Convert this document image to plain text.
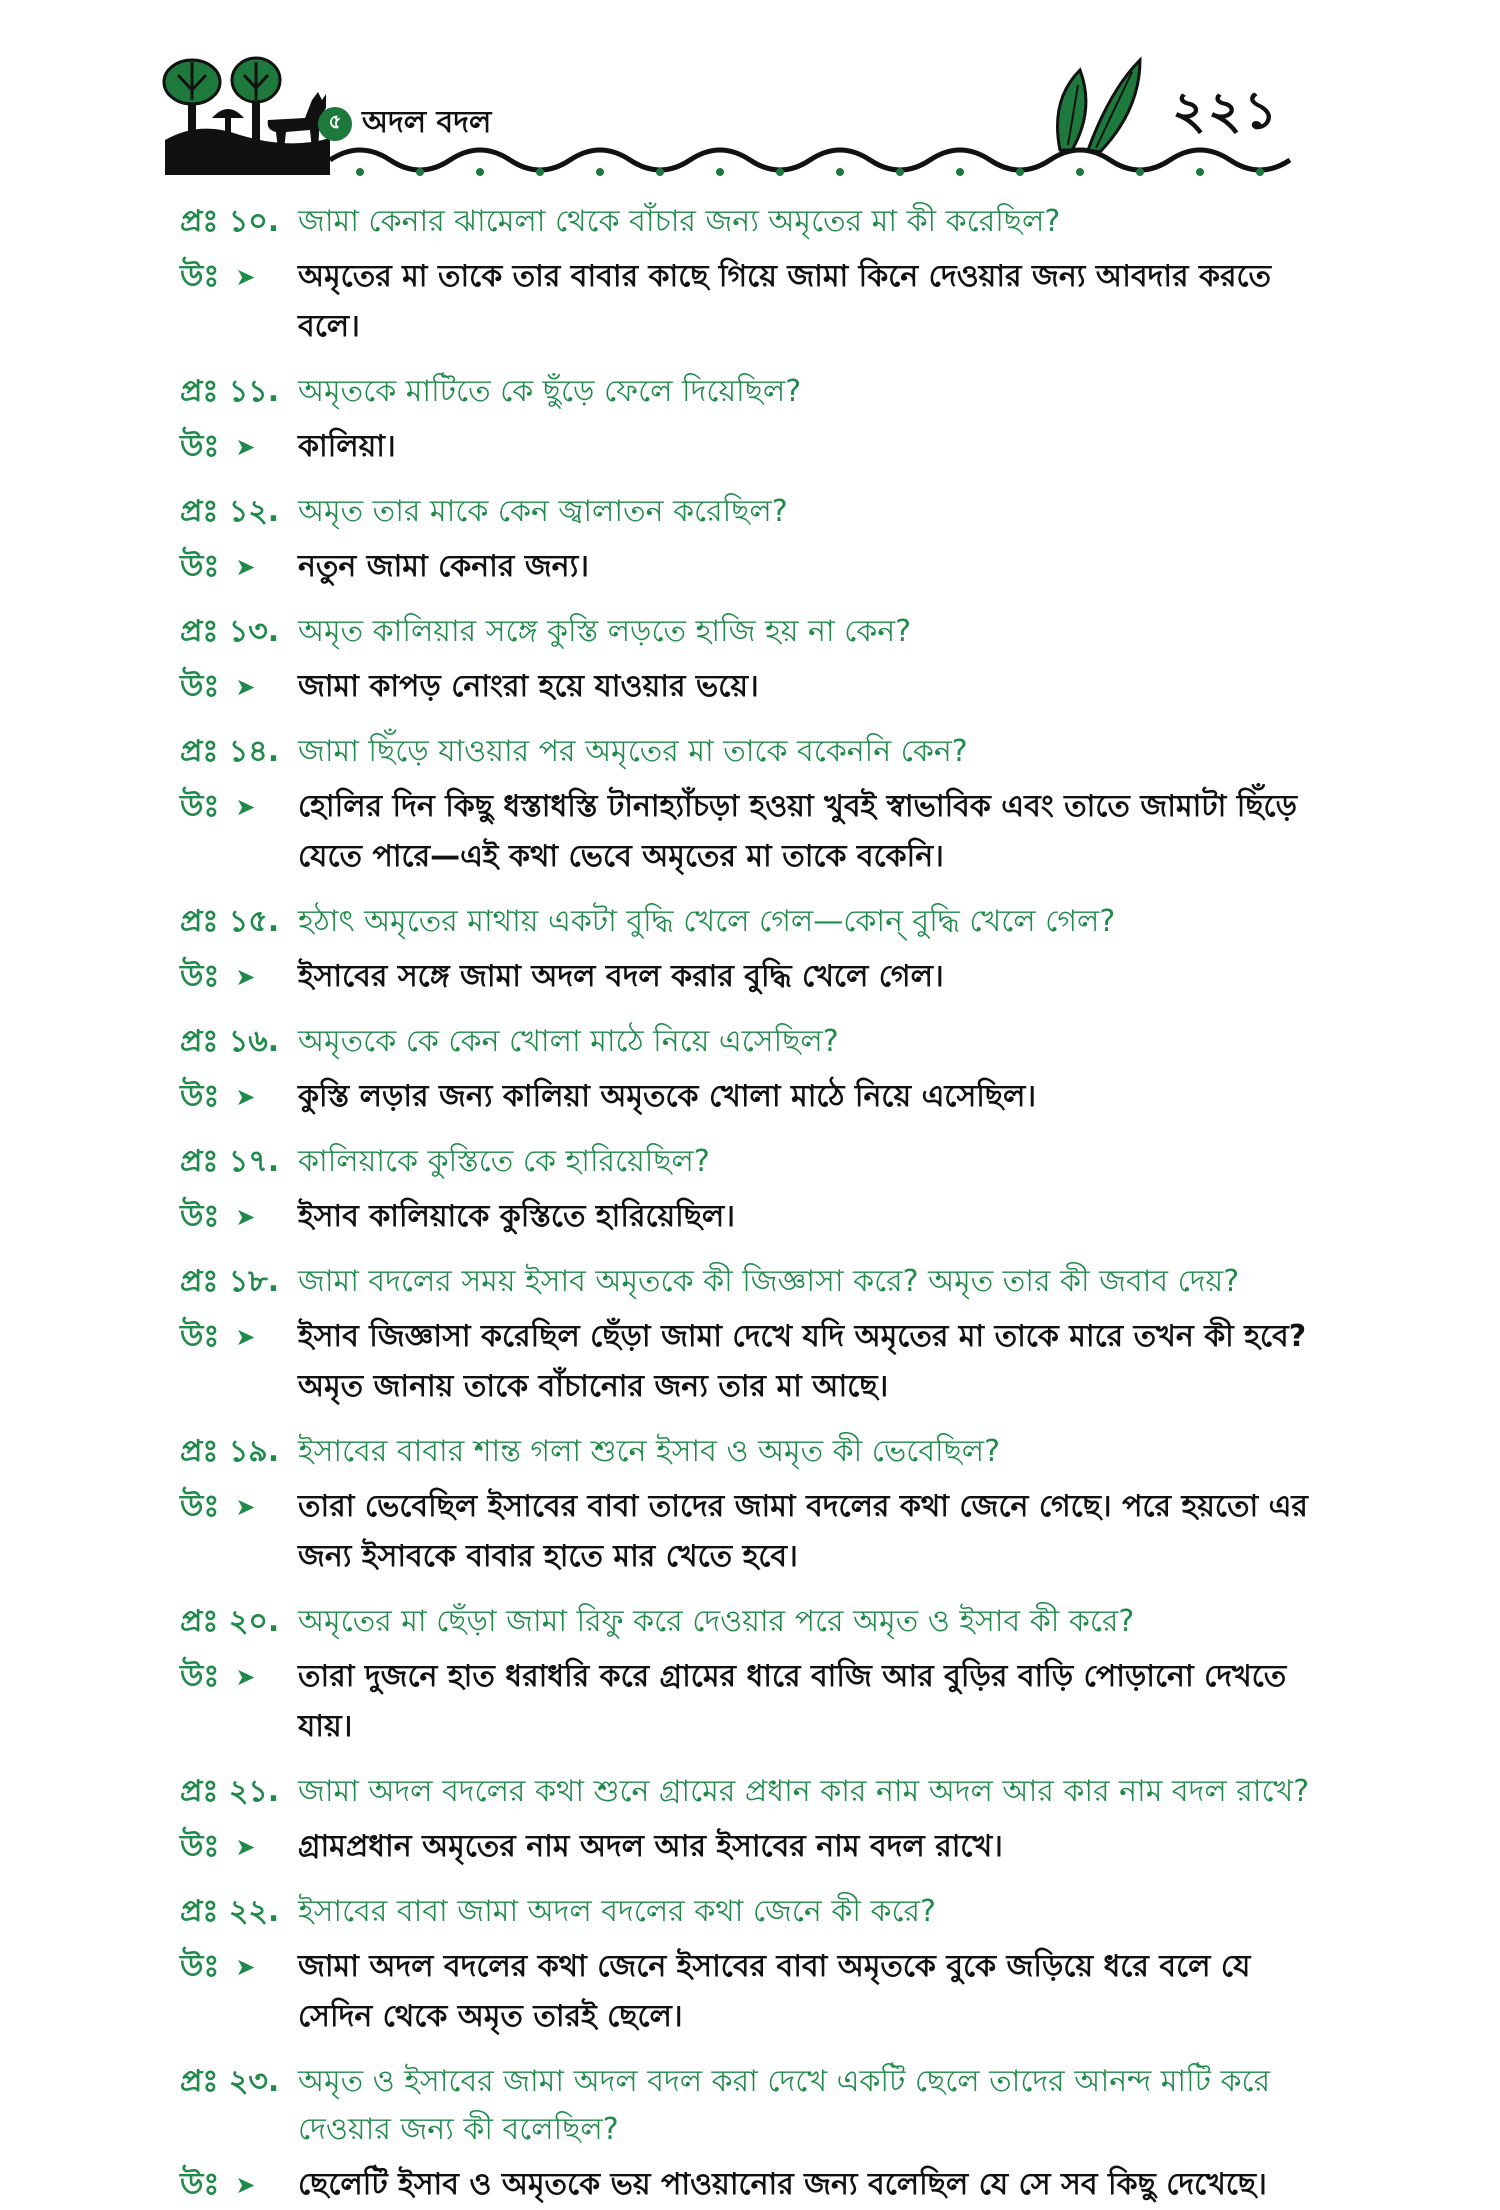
৫ অদল বদল	২২১
প্রঃ ১০. জামা কেনার ঝামেলা থেকে বাঁচার জন্য অমৃতের মা কী করেছিল?
উঃ ➤ অমৃতের মা তাকে তার বাবার কাছে গিয়ে জামা কিনে দেওয়ার জন্য আবদার করতে বলে।
প্রঃ ১১. অমৃতকে মাটিতে কে ছুঁড়ে ফেলে দিয়েছিল?
উঃ ➤ কালিয়া।
প্রঃ ১২. অমৃত তার মাকে কেন জ্বালাতন করেছিল?
উঃ ➤ নতুন জামা কেনার জন্য।
প্রঃ ১৩. অমৃত কালিয়ার সঙ্গে কুস্তি লড়তে হাজি হয় না কেন?
উঃ ➤ জামা কাপড় নোংরা হয়ে যাওয়ার ভয়ে।
প্রঃ ১৪. জামা ছিঁড়ে যাওয়ার পর অমৃতের মা তাকে বকেননি কেন?
উঃ ➤ হোলির দিন কিছু ধস্তাধস্তি টানাহ্যাঁচড়া হওয়া খুবই স্বাভাবিক এবং তাতে জামাটা ছিঁড়ে যেতে পারে—এই কথা ভেবে অমৃতের মা তাকে বকেনি।
প্রঃ ১৫. হঠাৎ অমৃতের মাথায় একটা বুদ্ধি খেলে গেল—কোন্ বুদ্ধি খেলে গেল?
উঃ ➤ ইসাবের সঙ্গে জামা অদল বদল করার বুদ্ধি খেলে গেল।
প্রঃ ১৬. অমৃতকে কে কেন খোলা মাঠে নিয়ে এসেছিল?
উঃ ➤ কুস্তি লড়ার জন্য কালিয়া অমৃতকে খোলা মাঠে নিয়ে এসেছিল।
প্রঃ ১৭. কালিয়াকে কুস্তিতে কে হারিয়েছিল?
উঃ ➤ ইসাব কালিয়াকে কুস্তিতে হারিয়েছিল।
প্রঃ ১৮. জামা বদলের সময় ইসাব অমৃতকে কী জিজ্ঞাসা করে? অমৃত তার কী জবাব দেয়?
উঃ ➤ ইসাব জিজ্ঞাসা করেছিল ছেঁড়া জামা দেখে যদি অমৃতের মা তাকে মারে তখন কী হবে? অমৃত জানায় তাকে বাঁচানোর জন্য তার মা আছে।
প্রঃ ১৯. ইসাবের বাবার শান্ত গলা শুনে ইসাব ও অমৃত কী ভেবেছিল?
উঃ ➤ তারা ভেবেছিল ইসাবের বাবা তাদের জামা বদলের কথা জেনে গেছে। পরে হয়তো এর জন্য ইসাবকে বাবার হাতে মার খেতে হবে।
প্রঃ ২০. অমৃতের মা ছেঁড়া জামা রিফু করে দেওয়ার পরে অমৃত ও ইসাব কী করে?
উঃ ➤ তারা দুজনে হাত ধরাধরি করে গ্রামের ধারে বাজি আর বুড়ির বাড়ি পোড়ানো দেখতে যায়।
প্রঃ ২১. জামা অদল বদলের কথা শুনে গ্রামের প্রধান কার নাম অদল আর কার নাম বদল রাখে?
উঃ ➤ গ্রামপ্রধান অমৃতের নাম অদল আর ইসাবের নাম বদল রাখে।
প্রঃ ২২. ইসাবের বাবা জামা অদল বদলের কথা জেনে কী করে?
উঃ ➤ জামা অদল বদলের কথা জেনে ইসাবের বাবা অমৃতকে বুকে জড়িয়ে ধরে বলে যে সেদিন থেকে অমৃত তারই ছেলে।
প্রঃ ২৩. অমৃত ও ইসাবের জামা অদল বদল করা দেখে একটি ছেলে তাদের আনন্দ মাটি করে দেওয়ার জন্য কী বলেছিল?
উঃ ➤ ছেলেটি ইসাব ও অমৃতকে ভয় পাওয়ানোর জন্য বলেছিল যে সে সব কিছু দেখেছে।
